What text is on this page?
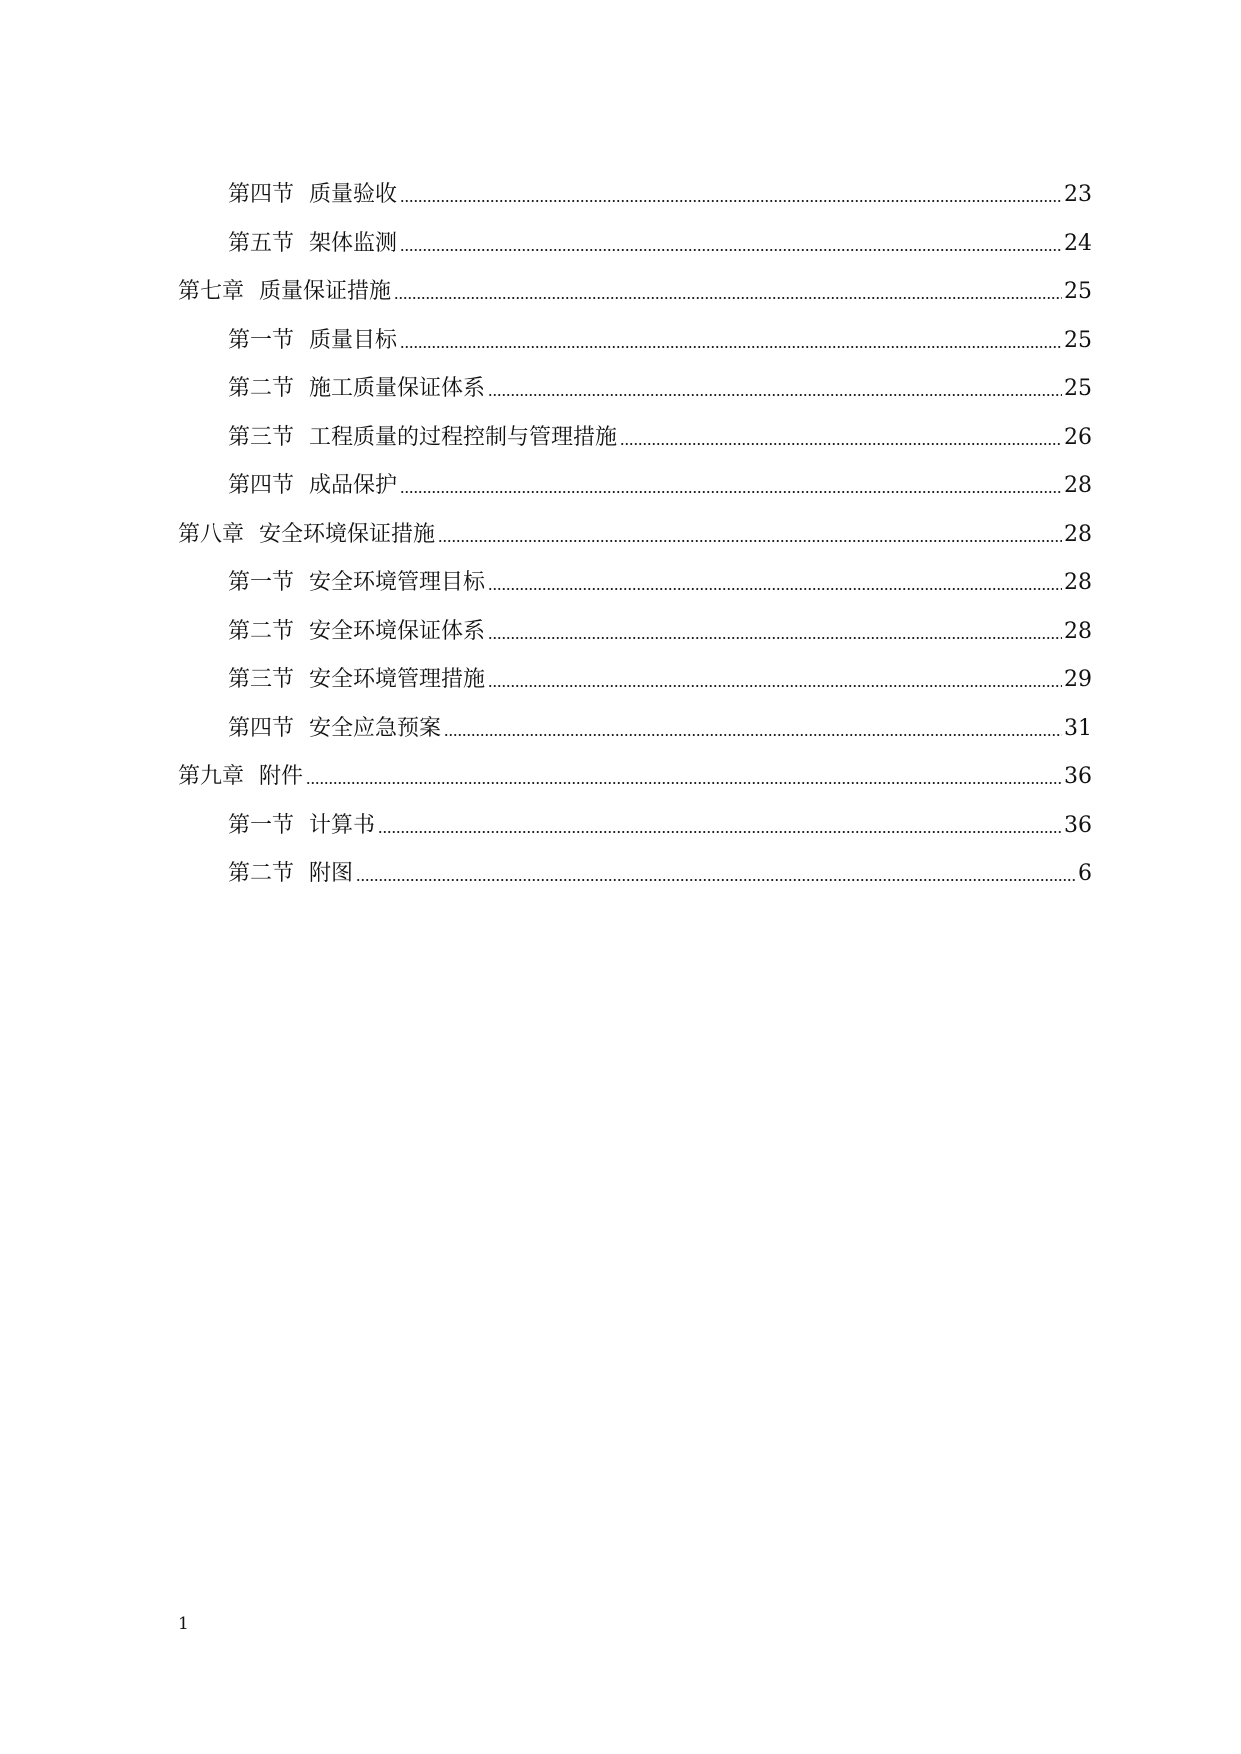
第四节 质量验收	23
第五节 架体监测	24
第七章 质量保证措施	25
第一节 质量目标	25
第二节 施工质量保证体系	25
第三节 工程质量的过程控制与管理措施	26
第四节 成品保护	28
第八章 安全环境保证措施	28
第一节 安全环境管理目标	28
第二节 安全环境保证体系	28
第三节 安全环境管理措施	29
第四节 安全应急预案	31
第九章 附件	36
第一节 计算书	36
第二节 附图	6
1
